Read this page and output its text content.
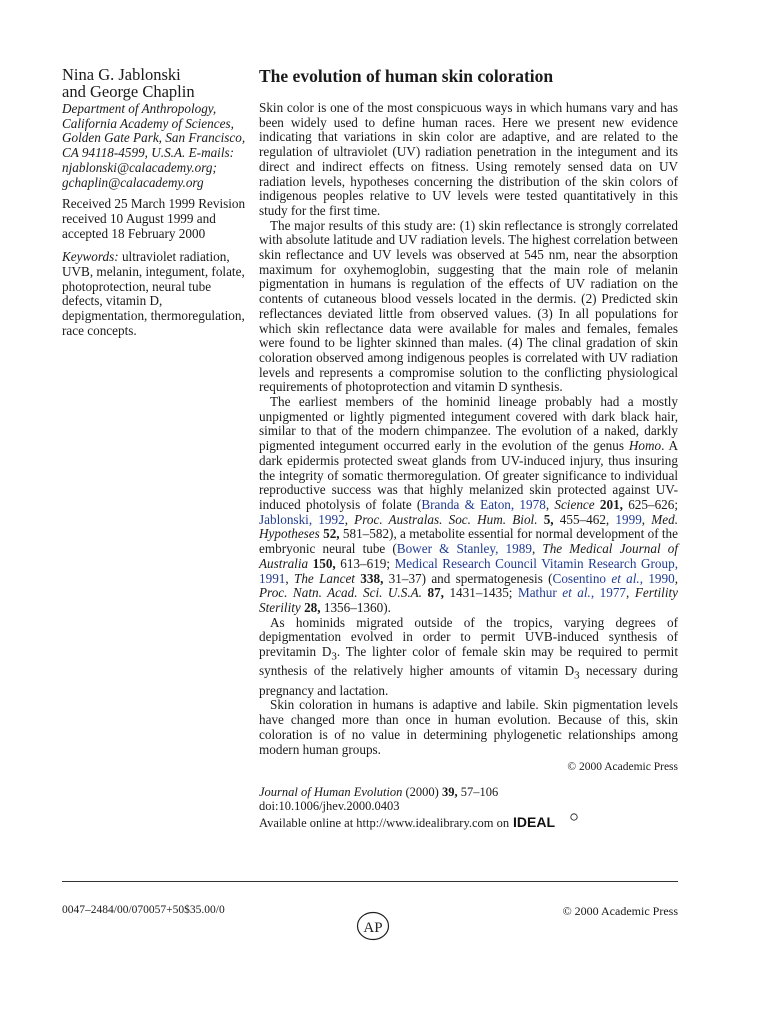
Nina G. Jablonski
and George Chaplin
Department of Anthropology, California Academy of Sciences, Golden Gate Park, San Francisco, CA 94118-4599, U.S.A. E-mails: njablonski@calacademy.org; gchaplin@calacademy.org
Received 25 March 1999 Revision received 10 August 1999 and accepted 18 February 2000
Keywords: ultraviolet radiation, UVB, melanin, integument, folate, photoprotection, neural tube defects, vitamin D, depigmentation, thermoregulation, race concepts.
The evolution of human skin coloration

Skin color is one of the most conspicuous ways in which humans vary and has been widely used to define human races. Here we present new evidence indicating that variations in skin color are adaptive, and are related to the regulation of ultraviolet (UV) radiation penetration in the integument and its direct and indirect effects on fitness. Using remotely sensed data on UV radiation levels, hypotheses concerning the distribution of the skin colors of indigenous peoples relative to UV levels were tested quantitatively in this study for the first time.

The major results of this study are: (1) skin reflectance is strongly correlated with absolute latitude and UV radiation levels. The highest correlation between skin reflectance and UV levels was observed at 545 nm, near the absorption maximum for oxyhemoglobin, suggesting that the main role of melanin pigmentation in humans is regulation of the effects of UV radiation on the contents of cutaneous blood vessels located in the dermis. (2) Predicted skin reflectances deviated little from observed values. (3) In all populations for which skin reflectance data were available for males and females, females were found to be lighter skinned than males. (4) The clinal gradation of skin coloration observed among indigenous peoples is correlated with UV radiation levels and represents a compromise solution to the conflicting physiological requirements of photoprotection and vitamin D synthesis.

The earliest members of the hominid lineage probably had a mostly unpigmented or lightly pigmented integument covered with dark black hair, similar to that of the modern chimpanzee. The evolution of a naked, darkly pigmented integument occurred early in the evolution of the genus Homo. A dark epidermis protected sweat glands from UV-induced injury, thus insuring the integrity of somatic thermoregulation. Of greater significance to individual reproductive success was that highly melanized skin protected against UV-induced photolysis of folate (Branda & Eaton, 1978, Science 201, 625–626; Jablonski, 1992, Proc. Australas. Soc. Hum. Biol. 5, 455–462, 1999, Med. Hypotheses 52, 581–582), a metabolite essential for normal development of the embryonic neural tube (Bower & Stanley, 1989, The Medical Journal of Australia 150, 613–619; Medical Research Council Vitamin Research Group, 1991, The Lancet 338, 31–37) and spermatogenesis (Cosentino et al., 1990, Proc. Natn. Acad. Sci. U.S.A. 87, 1431–1435; Mathur et al., 1977, Fertility Sterility 28, 1356–1360).

As hominids migrated outside of the tropics, varying degrees of depigmentation evolved in order to permit UVB-induced synthesis of previtamin $D_3$. The lighter color of female skin may be required to permit synthesis of the relatively higher amounts of vitamin $D_3$ necessary during pregnancy and lactation.

Skin coloration in humans is adaptive and labile. Skin pigmentation levels have changed more than once in human evolution. Because of this, skin coloration is of no value in determining phylogenetic relationships among modern human groups.

© 2000 Academic Press
Journal of Human Evolution (2000) 39, 57–106
doi:10.1006/jhev.2000.0403
Available online at http://www.idealibrary.com on IDEAL
0047–2484/00/070057+50$35.00/0
AP
© 2000 Academic Press
